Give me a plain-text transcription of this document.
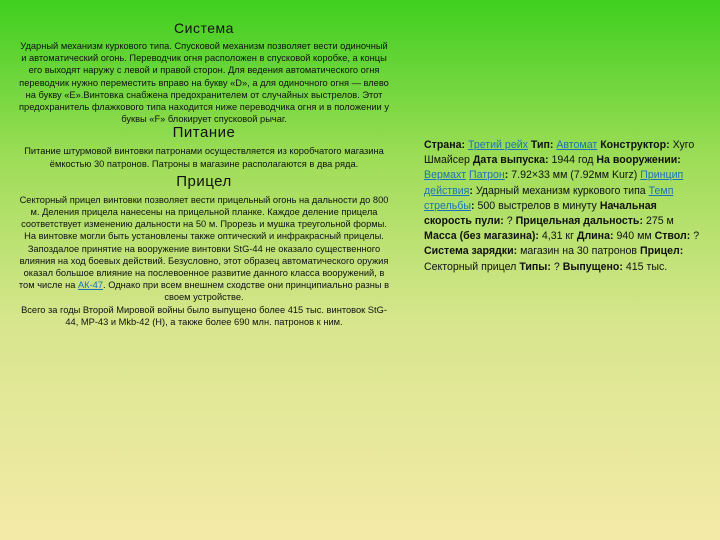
Система

Ударный механизм куркового типа. Спусковой механизм позволяет вести одиночный и автоматический огонь. Переводчик огня расположен в спусковой коробке, а концы его выходят наружу с левой и правой сторон. Для ведения автоматического огня переводчик нужно переместить вправо на букву «D», а для одиночного огня — влево на букву «E».Винтовка снабжена предохранителем от случайных выстрелов. Этот предохранитель флажкового типа находится ниже переводчика огня и в положении у буквы «F» блокирует спусковой рычаг.

Питание

Питание штурмовой винтовки патронами осуществляется из коробчатого магазина ёмкостью 30 патронов. Патроны в магазине располагаются в два ряда.

Прицел

Секторный прицел винтовки позволяет вести прицельный огонь на дальности до 800 м. Деления прицела нанесены на прицельной планке. Каждое деление прицела соответствует изменению дальности на 50 м. Прорезь и мушка треугольной формы. На винтовке могли быть установлены также оптический и инфракрасный прицелы. Запоздалое принятие на вооружение винтовки StG-44 не оказало существенного влияния на ход боевых действий. Безусловно, этот образец автоматического оружия оказал большое влияние на послевоенное развитие данного класса вооружений, в том числе на АК-47. Однако при всем внешнем сходстве они принципиально разны в своем устройстве.

Всего за годы Второй Мировой войны было выпущено более 415 тыс. винтовок StG-44, MP-43 и Mkb-42 (H), а также более 690 млн. патронов к ним.

Страна: Третий рейх Тип: Автомат Конструктор: Хуго Шмайсер Дата выпуска: 1944 год На вооружении: Вермахт Патрон: 7.92×33 мм (7.92мм Kurz) Принцип действия: Ударный механизм куркового типа Темп стрельбы: 500 выстрелов в минуту Начальная скорость пули: ? Прицельная дальность: 275 м Масса (без магазина): 4,31 кг Длина: 940 мм Ствол: ? Система зарядки: магазин на 30 патронов Прицел: Секторный прицел Типы: ? Выпущено: 415 тыс.
